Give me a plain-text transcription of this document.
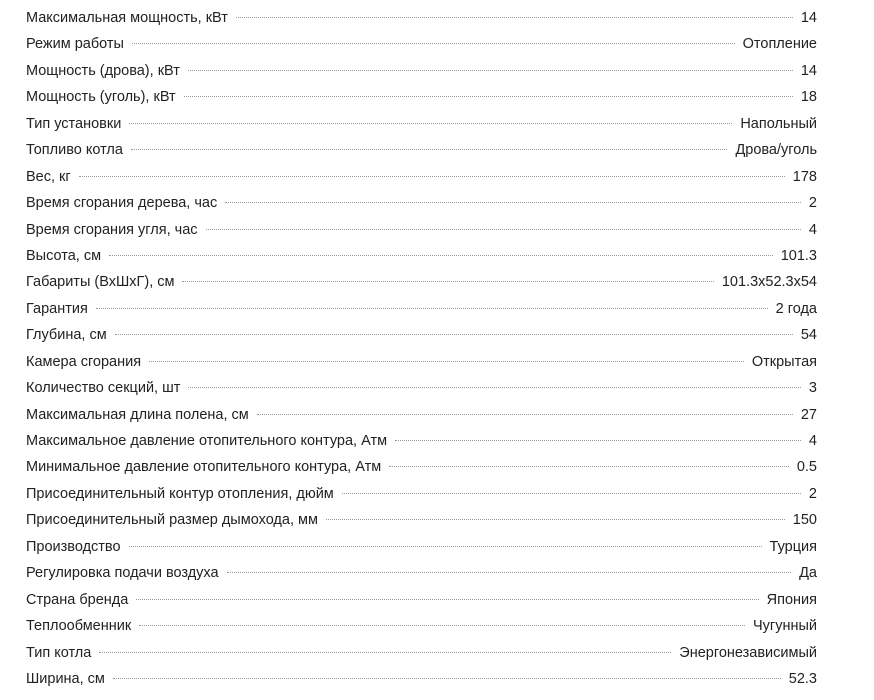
Максимальная мощность, кВт	14
Режим работы	Отопление
Мощность (дрова), кВт	14
Мощность (уголь), кВт	18
Тип установки	Напольный
Топливо котла	Дрова/уголь
Вес, кг	178
Время сгорания дерева, час	2
Время сгорания угля, час	4
Высота, см	101.3
Габариты (ВхШхГ), см	101.3x52.3x54
Гарантия	2 года
Глубина, см	54
Камера сгорания	Открытая
Количество секций, шт	3
Максимальная длина полена, см	27
Максимальное давление отопительного контура, Атм	4
Минимальное давление отопительного контура, Атм	0.5
Присоединительный контур отопления, дюйм	2
Присоединительный размер дымохода, мм	150
Производство	Турция
Регулировка подачи воздуха	Да
Страна бренда	Япония
Теплообменник	Чугунный
Тип котла	Энергонезависимый
Ширина, см	52.3
